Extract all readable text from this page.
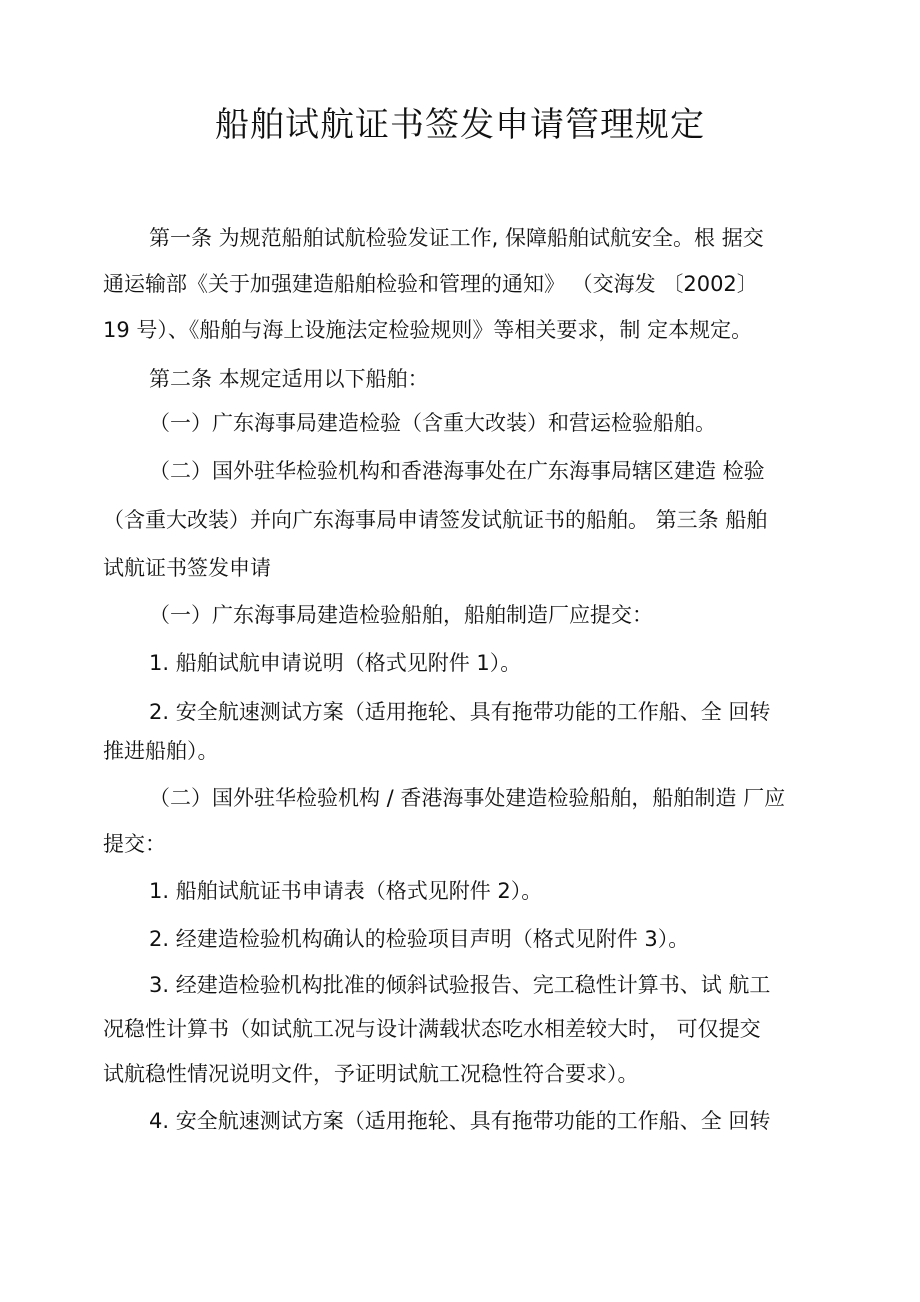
船舶试航证书签发申请管理规定
第一条 为规范船舶试航检验发证工作, 保障船舶试航安全。根 据交
通运输部《关于加强建造船舶检验和管理的通知》 （交海发 〔2002〕
19 号）、《船舶与海上设施法定检验规则》等相关要求，制 定本规定。
第二条 本规定适用以下船舶：
（一）广东海事局建造检验（含重大改装）和营运检验船舶。
（二）国外驻华检验机构和香港海事处在广东海事局辖区建造 检验
（含重大改装）并向广东海事局申请签发试航证书的船舶。 第三条 船舶
试航证书签发申请
（一）广东海事局建造检验船舶，船舶制造厂应提交：
1. 船舶试航申请说明（格式见附件 1）。
2. 安全航速测试方案（适用拖轮、具有拖带功能的工作船、全 回转
推进船舶）。
（二）国外驻华检验机构 / 香港海事处建造检验船舶，船舶制造 厂应
提交：
1. 船舶试航证书申请表（格式见附件 2）。
2. 经建造检验机构确认的检验项目声明（格式见附件 3）。
3. 经建造检验机构批准的倾斜试验报告、完工稳性计算书、试 航工
况稳性计算书（如试航工况与设计满载状态吃水相差较大时， 可仅提交
试航稳性情况说明文件，予证明试航工况稳性符合要求）。
4. 安全航速测试方案（适用拖轮、具有拖带功能的工作船、全 回转
